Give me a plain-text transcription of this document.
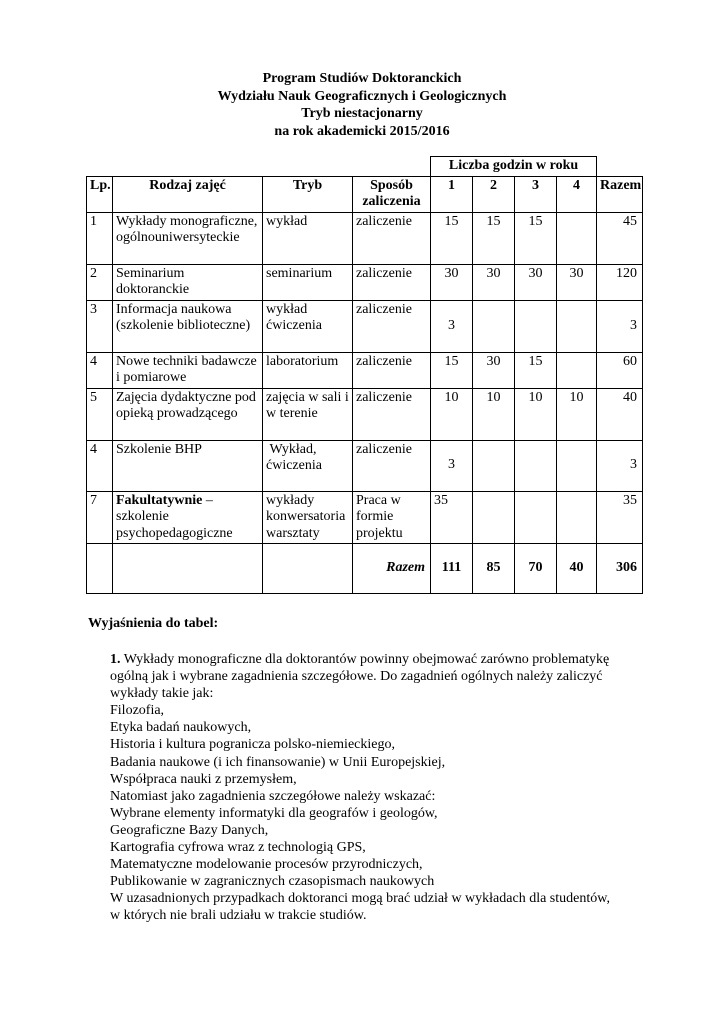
Program Studiów Doktoranckich
Wydziału Nauk Geograficznych i Geologicznych
Tryb niestacjonarny
na rok akademicki 2015/2016
				Liczba godzin w roku				
Lp.	Rodzaj zajęć	Tryb	Sposób zaliczenia	1	2	3	4	Razem
1	Wykłady monograficzne, ogólnouniwersyteckie	wykład	zaliczenie	15	15	15		45
2	Seminarium doktoranckie	seminarium	zaliczenie	30	30	30	30	120
3	Informacja naukowa (szkolenie biblioteczne)	wykład ćwiczenia	zaliczenie	3				3
4	Nowe techniki badawcze i pomiarowe	laboratorium	zaliczenie	15	30	15		60
5	Zajęcia dydaktyczne pod opieką prowadzącego	zajęcia w sali i w terenie	zaliczenie	10	10	10	10	40
4	Szkolenie BHP	Wykład, ćwiczenia	zaliczenie	3				3
7	Fakultatywnie – szkolenie psychopedagogiczne	wykłady konwersatoria warsztaty	Praca w formie projektu	35				35
			Razem	111	85	70	40	306
Wyjaśnienia do tabel:

1. Wykłady monograficzne dla doktorantów powinny obejmować zarówno problematykę ogólną jak i wybrane zagadnienia szczegółowe. Do zagadnień ogólnych należy zaliczyć wykłady takie jak:

Filozofia,
Etyka badań naukowych,
Historia i kultura pogranicza polsko-niemieckiego,
Badania naukowe (i ich finansowanie) w Unii Europejskiej,
Współpraca nauki z przemysłem,
Natomiast jako zagadnienia szczegółowe należy wskazać:
Wybrane elementy informatyki dla geografów i geologów,
Geograficzne Bazy Danych,
Kartografia cyfrowa wraz z technologią GPS,
Matematyczne modelowanie procesów przyrodniczych,
Publikowanie w zagranicznych czasopismach naukowych
W uzasadnionych przypadkach doktoranci mogą brać udział w wykładach dla studentów,
w których nie brali udziału w trakcie studiów.
